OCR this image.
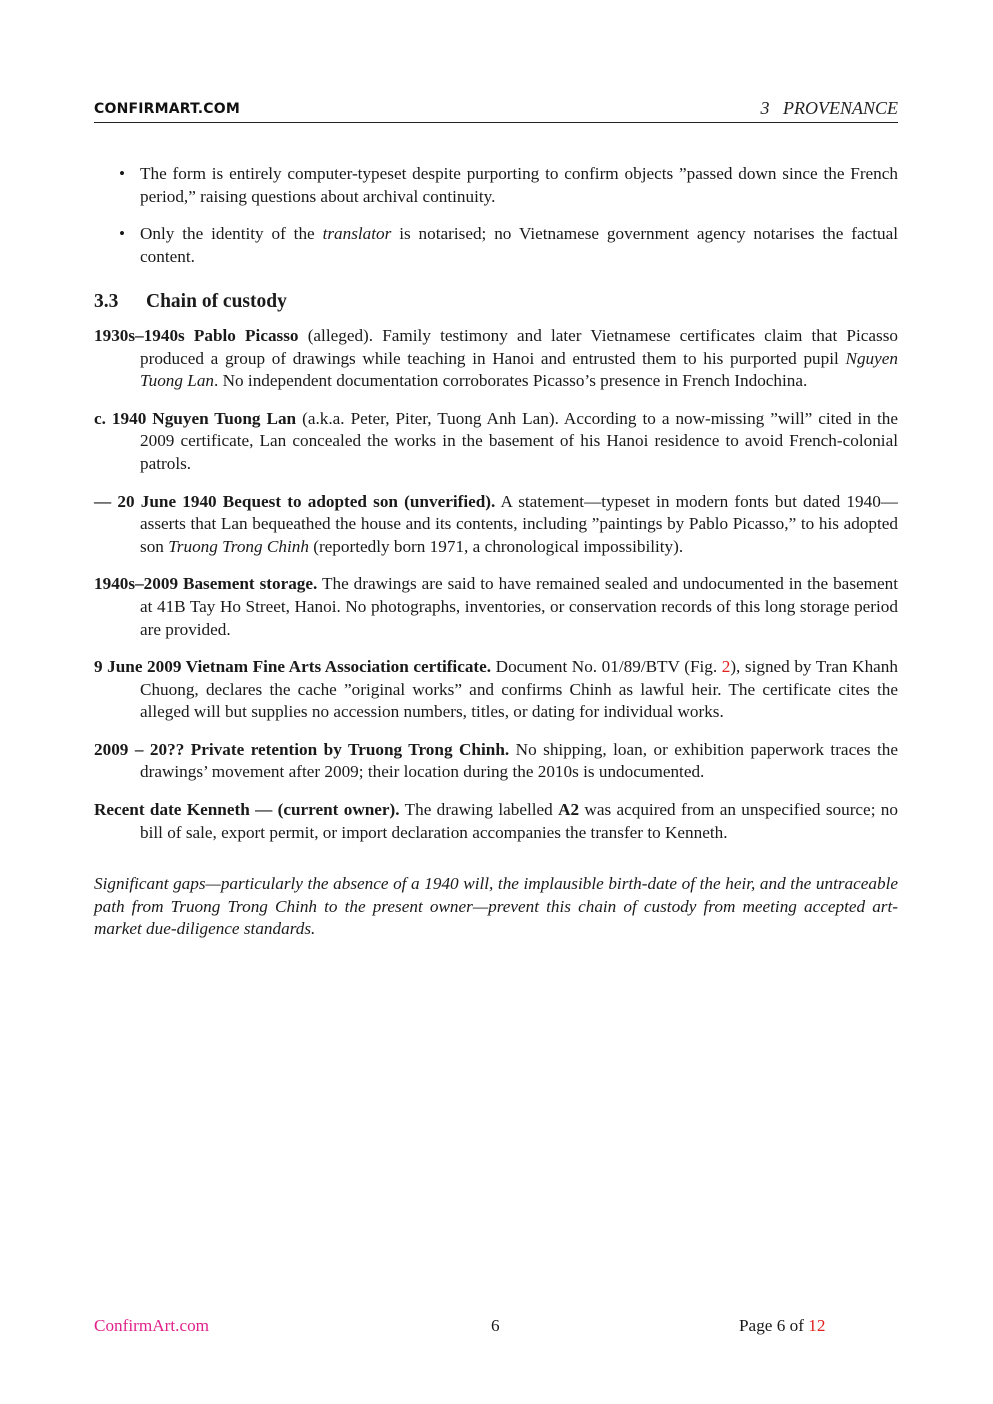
CONFIRMART.COM	3   PROVENANCE
• The form is entirely computer-typeset despite purporting to confirm objects ”passed down since the French period,” raising questions about archival continuity.
• Only the identity of the translator is notarised; no Vietnamese government agency notarises the factual content.
3.3 Chain of custody

1930s–1940s Pablo Picasso (alleged). Family testimony and later Vietnamese certificates claim that Picasso produced a group of drawings while teaching in Hanoi and entrusted them to his purported pupil Nguyen Tuong Lan. No independent documentation corroborates Picasso’s presence in French Indochina.

c. 1940 Nguyen Tuong Lan (a.k.a. Peter, Piter, Tuong Anh Lan). According to a now-missing ”will” cited in the 2009 certificate, Lan concealed the works in the basement of his Hanoi residence to avoid French-colonial patrols.

— 20 June 1940 Bequest to adopted son (unverified). A statement—typeset in modern fonts but dated 1940—asserts that Lan bequeathed the house and its contents, including ”paintings by Pablo Picasso,” to his adopted son Truong Trong Chinh (reportedly born 1971, a chronological impossibility).

1940s–2009 Basement storage. The drawings are said to have remained sealed and undocumented in the basement at 41B Tay Ho Street, Hanoi. No photographs, inventories, or conservation records of this long storage period are provided.

9 June 2009 Vietnam Fine Arts Association certificate. Document No. 01/89/BTV (Fig. 2), signed by Tran Khanh Chuong, declares the cache ”original works” and confirms Chinh as lawful heir. The certificate cites the alleged will but supplies no accession numbers, titles, or dating for individual works.

2009 – 20?? Private retention by Truong Trong Chinh. No shipping, loan, or exhibition paperwork traces the drawings’ movement after 2009; their location during the 2010s is undocumented.

Recent date Kenneth — (current owner). The drawing labelled A2 was acquired from an unspecified source; no bill of sale, export permit, or import declaration accompanies the transfer to Kenneth.

Significant gaps—particularly the absence of a 1940 will, the implausible birth-date of the heir, and the untraceable path from Truong Trong Chinh to the present owner—prevent this chain of custody from meeting accepted art-market due-diligence standards.

ConfirmArt.com	6	Page 6 of 12
